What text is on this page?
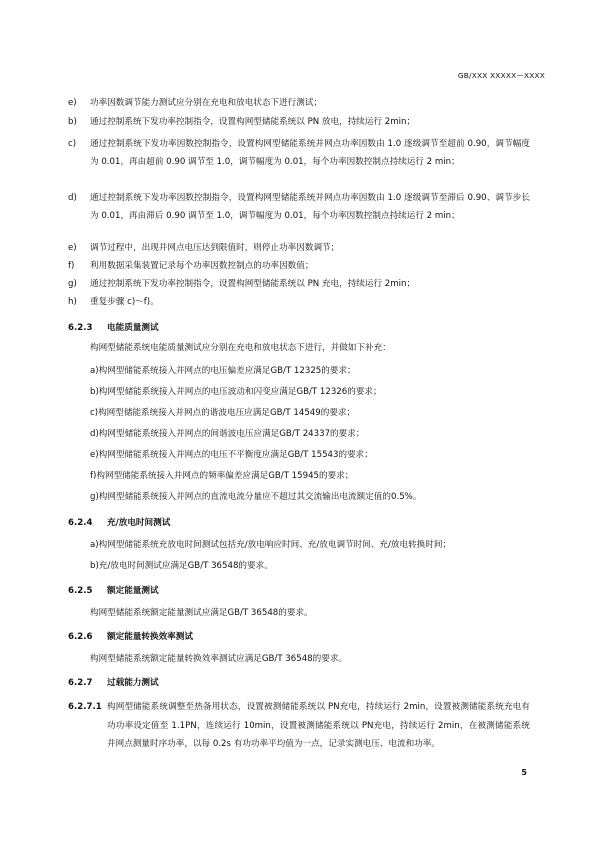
GB/XXX XXXXX—XXXX
e) 功率因数调节能力测试应分别在充电和放电状态下进行测试；
b) 通过控制系统下发功率控制指令，设置构网型储能系统以 PN 放电，持续运行 2min；
c) 通过控制系统下发功率因数控制指令，设置构网型储能系统并网点功率因数由 1.0 逐级调节至超前 0.90，调节幅度为 0.01，再由超前 0.90 调节至 1.0，调节幅度为 0.01，每个功率因数控制点持续运行 2 min；
d) 通过控制系统下发功率因数控制指令，设置构网型储能系统并网点功率因数由 1.0 逐级调节至滞后 0.90、调节步长为 0.01，再由滞后 0.90 调节至 1.0，调节幅度为 0.01，每个功率因数控制点持续运行 2 min；
e) 调节过程中，出现并网点电压达到限值时，则停止功率因数调节；
f) 利用数据采集装置记录每个功率因数控制点的功率因数值；
g) 通过控制系统下发功率控制指令，设置构网型储能系统以 PN 充电，持续运行 2min；
h) 重复步骤 c)～f)。
6.2.3 电能质量测试
构网型储能系统电能质量测试应分别在充电和放电状态下进行，并做如下补充：
a)构网型储能系统接入并网点的电压偏差应满足GB/T 12325的要求；
b)构网型储能系统接入并网点的电压波动和闪变应满足GB/T 12326的要求；
c)构网型储能系统接入并网点的谐波电压应满足GB/T 14549的要求；
d)构网型储能系统接入并网点的间谐波电压应满足GB/T 24337的要求；
e)构网型储能系统接入并网点的电压不平衡度应满足GB/T 15543的要求；
f)构网型储能系统接入并网点的频率偏差应满足GB/T 15945的要求；
g)构网型储能系统接入并网点的直流电流分量应不超过其交流输出电流额定值的0.5%。
6.2.4 充/放电时间测试
a)构网型储能系统充放电时间测试包括充/放电响应时间、充/放电调节时间、充/放电转换时间；
b)充/放电时间测试应满足GB/T 36548的要求。
6.2.5 额定能量测试
构网型储能系统额定能量测试应满足GB/T 36548的要求。
6.2.6 额定能量转换效率测试
构网型储能系统额定能量转换效率测试应满足GB/T 36548的要求。
6.2.7 过载能力测试
6.2.7.1 构网型储能系统调整至热备用状态，设置被测储能系统以 PN充电，持续运行 2min，设置被测储能系统充电有功功率设定值至 1.1PN，连续运行 10min，设置被测储能系统以 PN充电，持续运行 2min，在被测储能系统并网点测量时序功率，以每 0.2s 有功功率平均值为一点，记录实测电压、电流和功率。
5
